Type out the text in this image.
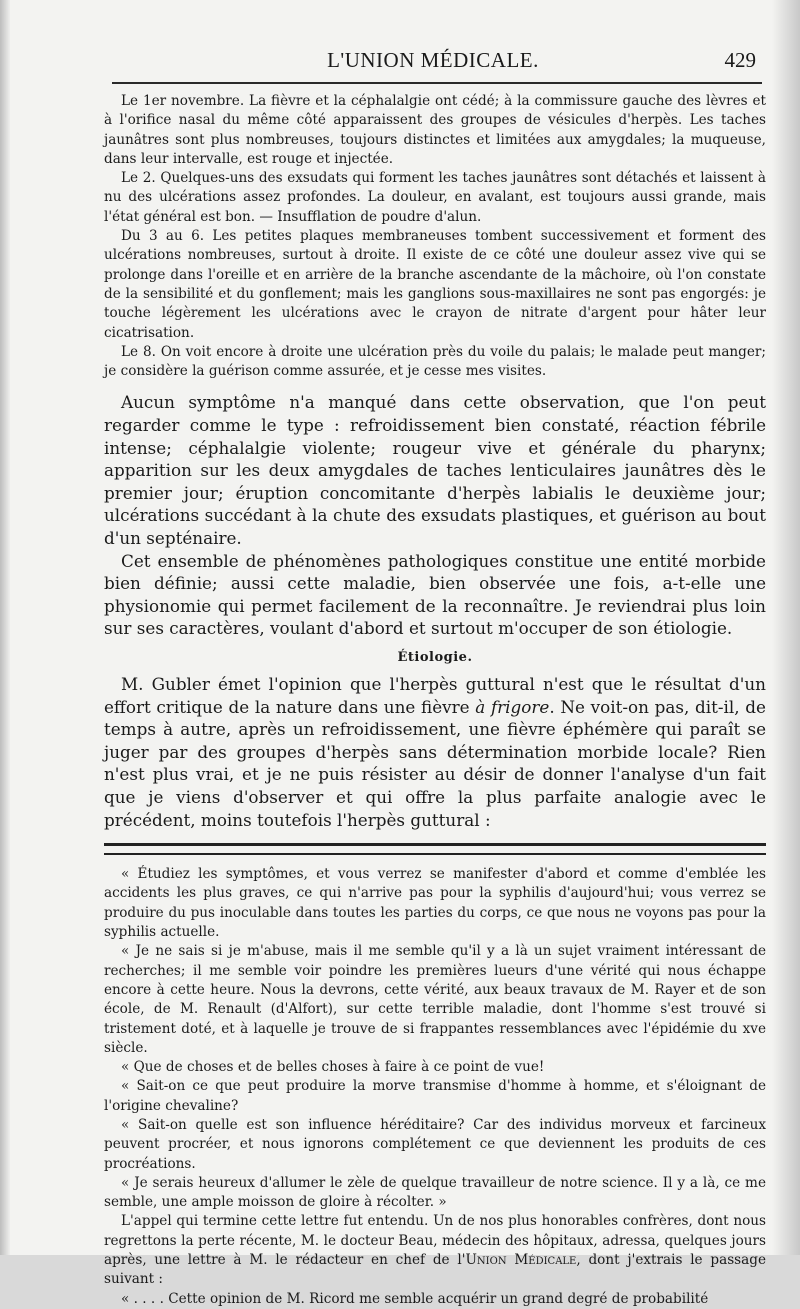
L'UNION MÉDICALE.	429

Le 1er novembre. La fièvre et la céphalalgie ont cédé; à la commissure gauche des lèvres et à l'orifice nasal du même côté apparaissent des groupes de vésicules d'herpès. Les taches jaunâtres sont plus nombreuses, toujours distinctes et limitées aux amygdales; la muqueuse, dans leur intervalle, est rouge et injectée.

Le 2. Quelques-uns des exsudats qui forment les taches jaunâtres sont détachés et laissent à nu des ulcérations assez profondes. La douleur, en avalant, est toujours aussi grande, mais l'état général est bon. — Insufflation de poudre d'alun.

Du 3 au 6. Les petites plaques membraneuses tombent successivement et forment des ulcérations nombreuses, surtout à droite. Il existe de ce côté une douleur assez vive qui se prolonge dans l'oreille et en arrière de la branche ascendante de la mâchoire, où l'on constate de la sensibilité et du gonflement; mais les ganglions sous-maxillaires ne sont pas engorgés: je touche légèrement les ulcérations avec le crayon de nitrate d'argent pour hâter leur cicatrisation.

Le 8. On voit encore à droite une ulcération près du voile du palais; le malade peut manger; je considère la guérison comme assurée, et je cesse mes visites.

Aucun symptôme n'a manqué dans cette observation, que l'on peut regarder comme le type : refroidissement bien constaté, réaction fébrile intense; céphalalgie violente; rougeur vive et générale du pharynx; apparition sur les deux amygdales de taches lenticulaires jaunâtres dès le premier jour; éruption concomitante d'herpès labialis le deuxième jour; ulcérations succédant à la chute des exsudats plastiques, et guérison au bout d'un septénaire.

Cet ensemble de phénomènes pathologiques constitue une entité morbide bien définie; aussi cette maladie, bien observée une fois, a-t-elle une physionomie qui permet facilement de la reconnaître. Je reviendrai plus loin sur ses caractères, voulant d'abord et surtout m'occuper de son étiologie.

Étiologie.

M. Gubler émet l'opinion que l'herpès guttural n'est que le résultat d'un effort critique de la nature dans une fièvre à frigore. Ne voit-on pas, dit-il, de temps à autre, après un refroidissement, une fièvre éphémère qui paraît se juger par des groupes d'herpès sans détermination morbide locale? Rien n'est plus vrai, et je ne puis résister au désir de donner l'analyse d'un fait que je viens d'observer et qui offre la plus parfaite analogie avec le précédent, moins toutefois l'herpès guttural :

« Étudiez les symptômes, et vous verrez se manifester d'abord et comme d'emblée les accidents les plus graves, ce qui n'arrive pas pour la syphilis d'aujourd'hui; vous verrez se produire du pus inoculable dans toutes les parties du corps, ce que nous ne voyons pas pour la syphilis actuelle.

« Je ne sais si je m'abuse, mais il me semble qu'il y a là un sujet vraiment intéressant de recherches; il me semble voir poindre les premières lueurs d'une vérité qui nous échappe encore à cette heure. Nous la devrons, cette vérité, aux beaux travaux de M. Rayer et de son école, de M. Renault (d'Alfort), sur cette terrible maladie, dont l'homme s'est trouvé si tristement doté, et à laquelle je trouve de si frappantes ressemblances avec l'épidémie du xve siècle.

« Que de choses et de belles choses à faire à ce point de vue!

« Sait-on ce que peut produire la morve transmise d'homme à homme, et s'éloignant de l'origine chevaline?

« Sait-on quelle est son influence héréditaire? Car des individus morveux et farcineux peuvent procréer, et nous ignorons complétement ce que deviennent les produits de ces procréations.

« Je serais heureux d'allumer le zèle de quelque travailleur de notre science. Il y a là, ce me semble, une ample moisson de gloire à récolter. »

L'appel qui termine cette lettre fut entendu. Un de nos plus honorables confrères, dont nous regrettons la perte récente, M. le docteur Beau, médecin des hôpitaux, adressa, quelques jours après, une lettre à M. le rédacteur en chef de l'Union Médicale, dont j'extrais le passage suivant :

« . . . . Cette opinion de M. Ricord me semble acquérir un grand degré de probabilité
